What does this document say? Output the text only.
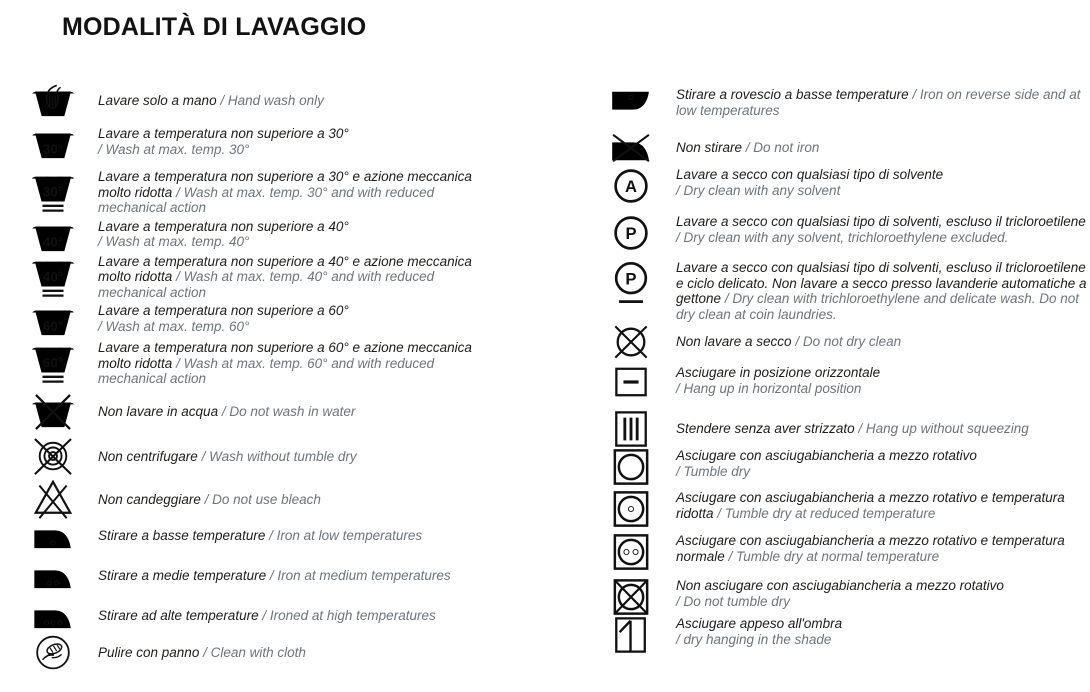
MODALITÀ DI LAVAGGIO

Lavare solo a mano / Hand wash only

30°

Lavare a temperatura non superiore a 30°
/ Wash at max. temp. 30°

30°

Lavare a temperatura non superiore a 30° e azione meccanica molto ridotta / Wash at max. temp. 30° and with reduced mechanical action

40°

Lavare a temperatura non superiore a 40°
/ Wash at max. temp. 40°

40°

Lavare a temperatura non superiore a 40° e azione meccanica molto ridotta / Wash at max. temp. 40° and with reduced mechanical action

60°

Lavare a temperatura non superiore a 60°
/ Wash at max. temp. 60°

60°

Lavare a temperatura non superiore a 60° e azione meccanica molto ridotta / Wash at max. temp. 60° and with reduced mechanical action

Non lavare in acqua / Do not wash in water

Non centrifugare / Wash without tumble dry

Non candeggiare / Do not use bleach

Stirare a basse temperature / Iron at low temperatures

Stirare a medie temperature / Iron at medium temperatures

Stirare ad alte temperature / Ironed at high temperatures

Pulire con panno / Clean with cloth

Stirare a rovescio a basse temperature / Iron on reverse side and at low temperatures

Non stirare / Do not iron

A

Lavare a secco con qualsiasi tipo di solvente
/ Dry clean with any solvent

P

Lavare a secco con qualsiasi tipo di solventi, escluso il tricloroetilene / Dry clean with any solvent, trichloroethylene excluded.

P

Lavare a secco con qualsiasi tipo di solventi, escluso il tricloroetilene e ciclo delicato. Non lavare a secco presso lavanderie automatiche a gettone / Dry clean with trichloroethylene and delicate wash. Do not dry clean at coin laundries.

Non lavare a secco / Do not dry clean

Asciugare in posizione orizzontale
/ Hang up in horizontal position

Stendere senza aver strizzato / Hang up without squeezing

Asciugare con asciugabiancheria a mezzo rotativo
/ Tumble dry

Asciugare con asciugabiancheria a mezzo rotativo e temperatura ridotta / Tumble dry at reduced temperature

Asciugare con asciugabiancheria a mezzo rotativo e temperatura normale / Tumble dry at normal temperature

Non asciugare con asciugabiancheria a mezzo rotativo
/ Do not tumble dry

Asciugare appeso all'ombra
/ dry hanging in the shade
